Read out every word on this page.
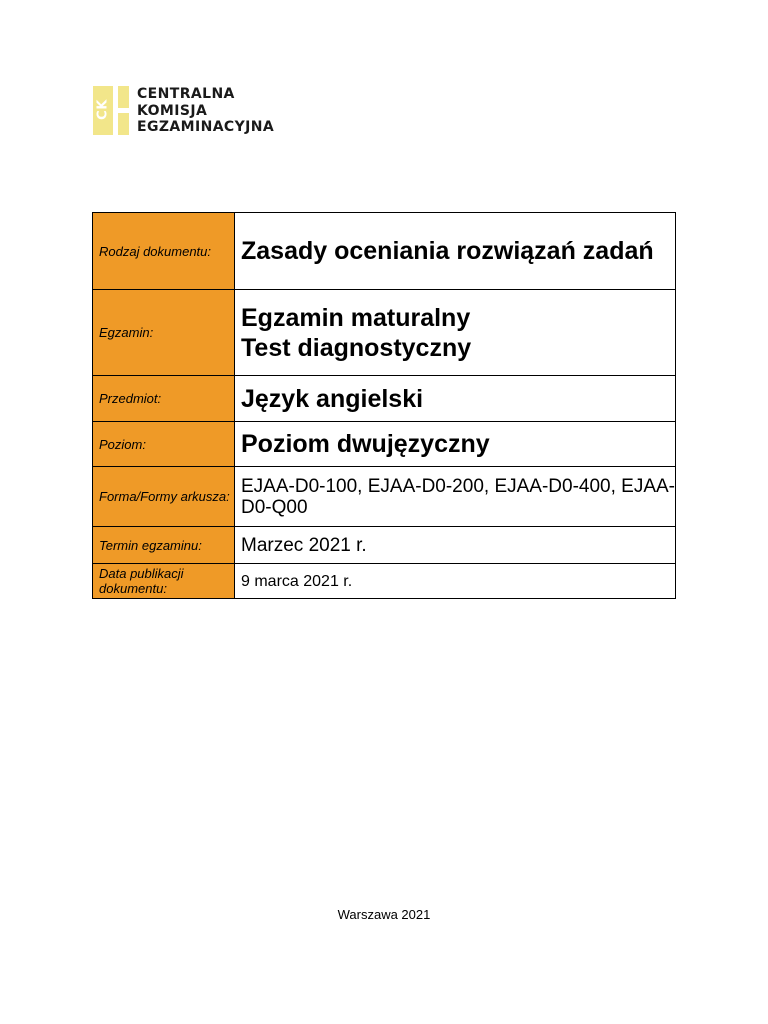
CK
CENTRALNA
KOMISJA
EGZAMINACYJNA
Rodzaj dokumentu:	Zasady oceniania rozwiązań zadań
Egzamin:	Egzamin maturalny
Test diagnostyczny

Przedmiot:	Język angielski
Poziom:	Poziom dwujęzyczny
Forma/Formy arkusza:	EJAA-D0-100, EJAA-D0-200, EJAA-D0-400, EJAA-D0-Q00
Termin egzaminu:	Marzec 2021 r.
Data publikacji dokumentu:	9 marca 2021 r.
Warszawa 2021
